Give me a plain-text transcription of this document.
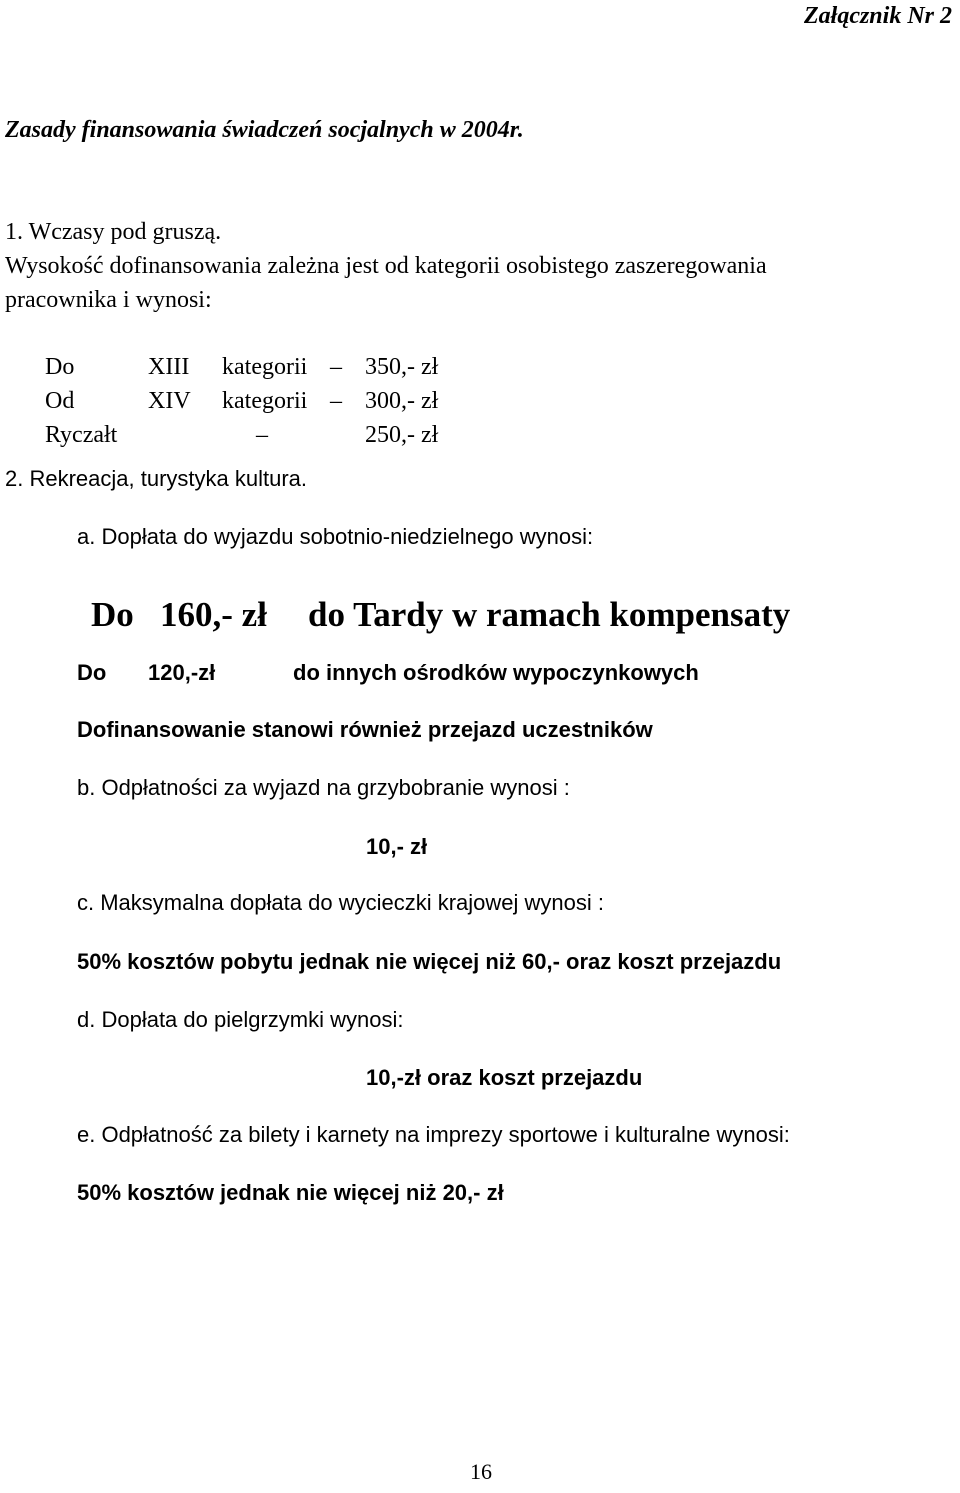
Załącznik Nr 2
Zasady finansowania świadczeń socjalnych w 2004r.
1. Wczasy pod gruszą.
Wysokość dofinansowania zależna jest od kategorii osobistego zaszeregowania
pracownika i wynosi:
Do	XIII kategorii – 350,- zł
Od	XIV kategorii – 300,- zł
Ryczałt	–	250,- zł
2. Rekreacja, turystyka kultura.
a. Dopłata do wyjazdu sobotnio-niedzielnego wynosi:
Do 160,- zł do Tardy w ramach kompensaty
Do 120,-zł	do innych ośrodków wypoczynkowych
Dofinansowanie stanowi również przejazd uczestników
b. Odpłatności za wyjazd na grzybobranie wynosi :
10,- zł
c. Maksymalna dopłata do wycieczki krajowej wynosi :
50% kosztów pobytu jednak nie więcej niż 60,- oraz koszt przejazdu
d. Dopłata do pielgrzymki wynosi:
10,-zł oraz koszt przejazdu
e. Odpłatność za bilety i karnety na imprezy sportowe i kulturalne wynosi:
50% kosztów jednak nie więcej niż 20,- zł
16
